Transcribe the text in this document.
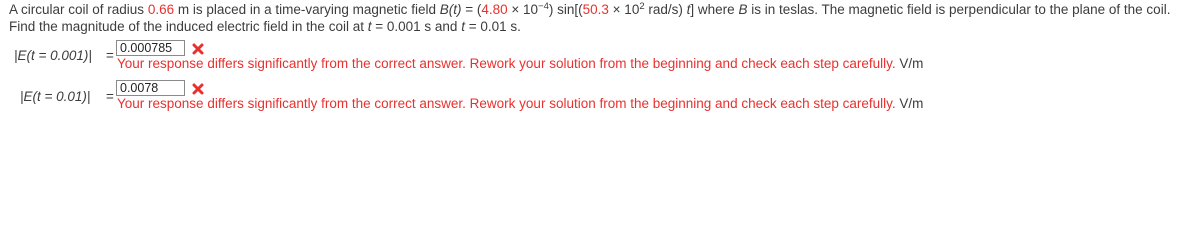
A circular coil of radius 0.66 m is placed in a time-varying magnetic field $B(t) = (4.80 \times 10^{-4})$ $\sin[(50.3 \times 10^2$ rad/s) t] where B is in teslas. The magnetic field is perpendicular to the plane of the coil.
Find the magnitude of the induced electric field in the coil at t = 0.001 s and t = 0.01 s.
|E(t = 0.001)| = 0.000785
Your response differs significantly from the correct answer. Rework your solution from the beginning and check each step carefully. V/m
|E(t = 0.01)| =
0.0078
Your response differs significantly from the correct answer. Rework your solution from the beginning and check each step carefully. V/m
